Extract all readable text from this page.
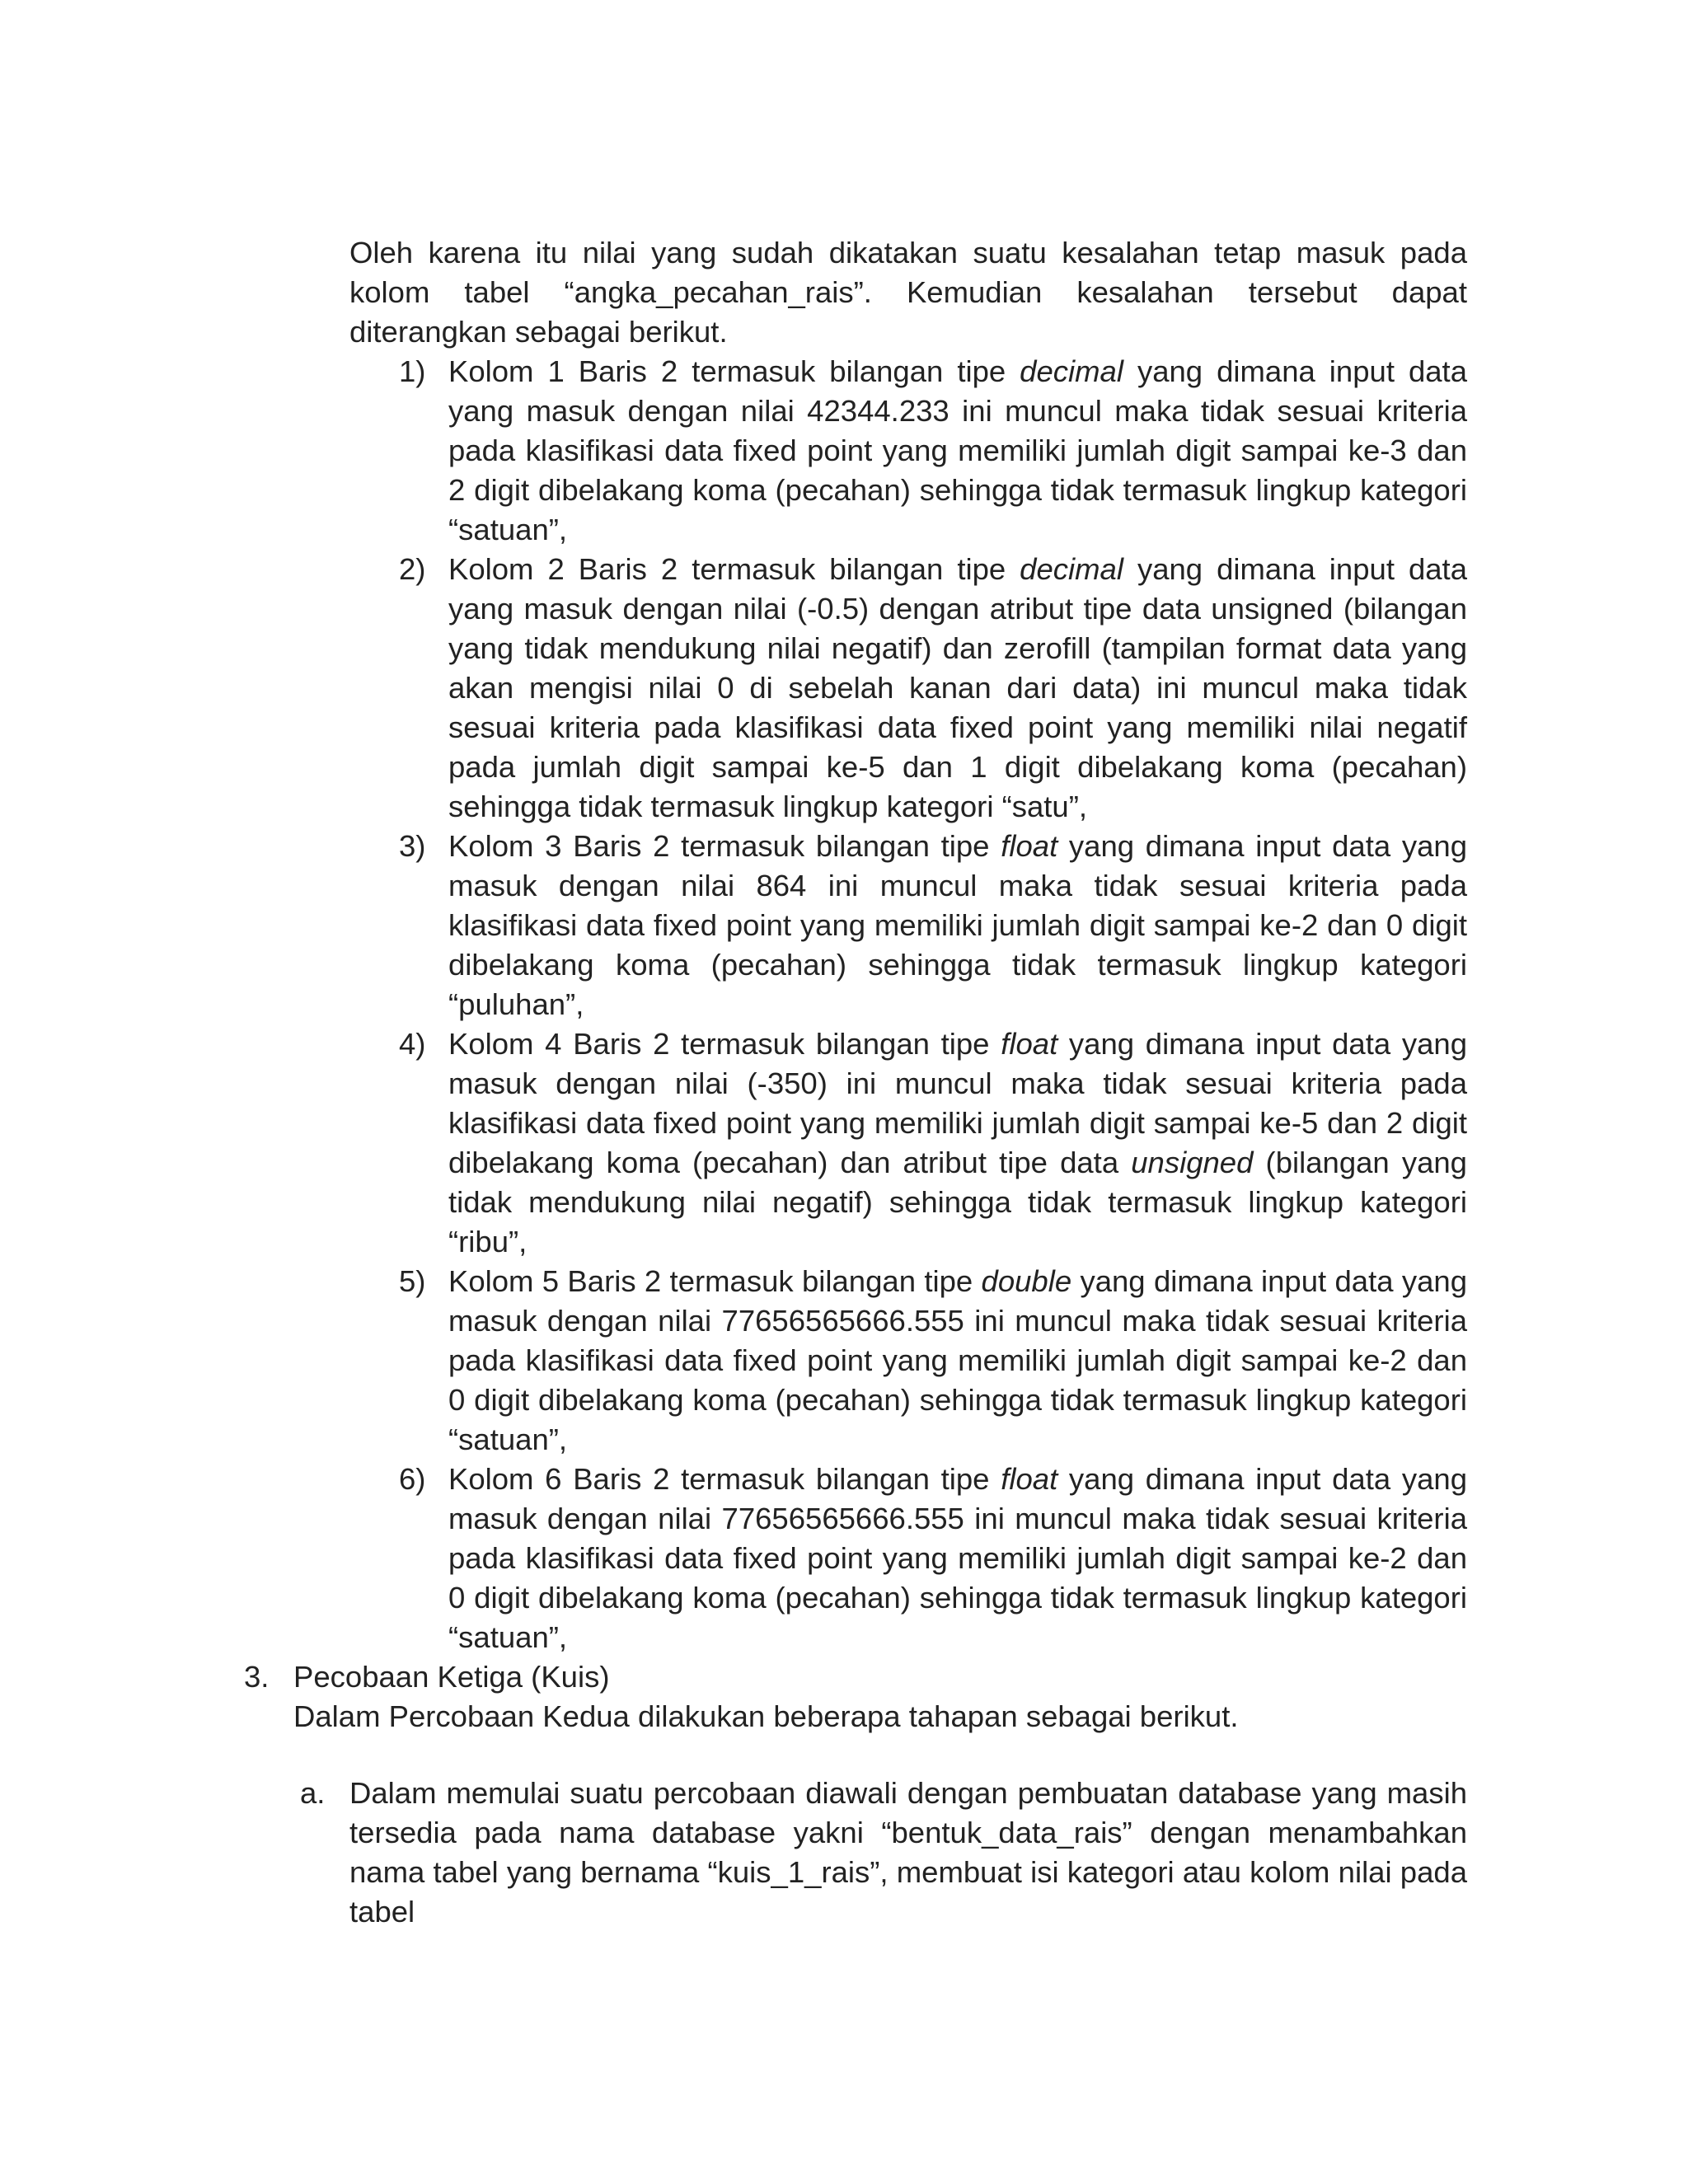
Oleh karena itu nilai yang sudah dikatakan suatu kesalahan tetap masuk pada kolom tabel “angka_pecahan_rais”. Kemudian kesalahan tersebut dapat diterangkan sebagai berikut.

1) Kolom 1 Baris 2 termasuk bilangan tipe decimal yang dimana input data yang masuk dengan nilai 42344.233 ini muncul maka tidak sesuai kriteria pada klasifikasi data fixed point yang memiliki jumlah digit sampai ke-3 dan 2 digit dibelakang koma (pecahan) sehingga tidak termasuk lingkup kategori “satuan”,
2) Kolom 2 Baris 2 termasuk bilangan tipe decimal yang dimana input data yang masuk dengan nilai (-0.5) dengan atribut tipe data unsigned (bilangan yang tidak mendukung nilai negatif) dan zerofill (tampilan format data yang akan mengisi nilai 0 di sebelah kanan dari data) ini muncul maka tidak sesuai kriteria pada klasifikasi data fixed point yang memiliki nilai negatif pada jumlah digit sampai ke-5 dan 1 digit dibelakang koma (pecahan) sehingga tidak termasuk lingkup kategori “satu”,
3) Kolom 3 Baris 2 termasuk bilangan tipe float yang dimana input data yang masuk dengan nilai 864 ini muncul maka tidak sesuai kriteria pada klasifikasi data fixed point yang memiliki jumlah digit sampai ke-2 dan 0 digit dibelakang koma (pecahan) sehingga tidak termasuk lingkup kategori “puluhan”,
4) Kolom 4 Baris 2 termasuk bilangan tipe float yang dimana input data yang masuk dengan nilai (-350) ini muncul maka tidak sesuai kriteria pada klasifikasi data fixed point yang memiliki jumlah digit sampai ke-5 dan 2 digit dibelakang koma (pecahan) dan atribut tipe data unsigned (bilangan yang tidak mendukung nilai negatif) sehingga tidak termasuk lingkup kategori “ribu”,
5) Kolom 5 Baris 2 termasuk bilangan tipe double yang dimana input data yang masuk dengan nilai 77656565666.555 ini muncul maka tidak sesuai kriteria pada klasifikasi data fixed point yang memiliki jumlah digit sampai ke-2 dan 0 digit dibelakang koma (pecahan) sehingga tidak termasuk lingkup kategori “satuan”,
6) Kolom 6 Baris 2 termasuk bilangan tipe float yang dimana input data yang masuk dengan nilai 77656565666.555 ini muncul maka tidak sesuai kriteria pada klasifikasi data fixed point yang memiliki jumlah digit sampai ke-2 dan 0 digit dibelakang koma (pecahan) sehingga tidak termasuk lingkup kategori “satuan”,
3. Pecobaan Ketiga (Kuis)
Dalam Percobaan Kedua dilakukan beberapa tahapan sebagai berikut.
a. Dalam memulai suatu percobaan diawali dengan pembuatan database yang masih tersedia pada nama database yakni “bentuk_data_rais” dengan menambahkan nama tabel yang bernama “kuis_1_rais”, membuat isi kategori atau kolom nilai pada tabel
